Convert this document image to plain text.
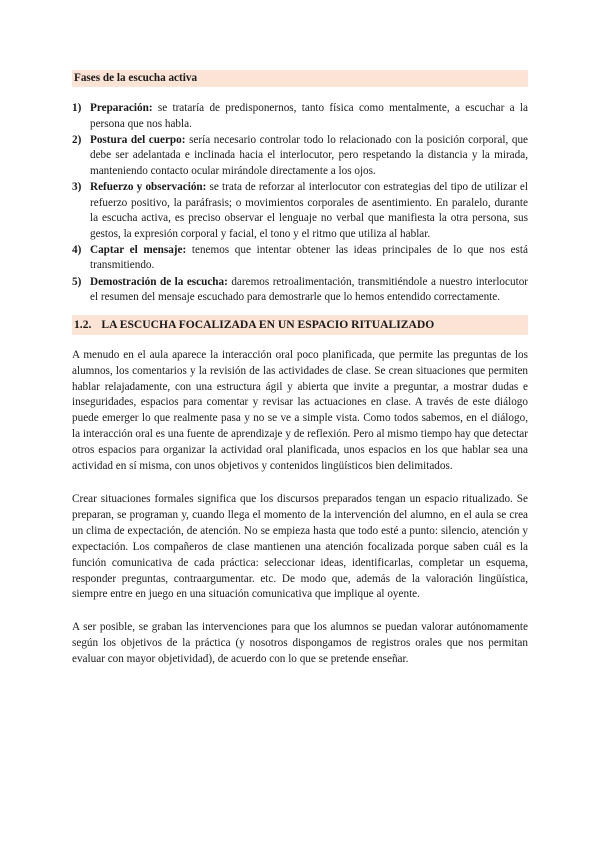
Fases de la escucha activa
1) Preparación: se trataría de predisponernos, tanto física como mentalmente, a escuchar a la persona que nos habla.
2) Postura del cuerpo: sería necesario controlar todo lo relacionado con la posición corporal, que debe ser adelantada e inclinada hacia el interlocutor, pero respetando la distancia y la mirada, manteniendo contacto ocular mirándole directamente a los ojos.
3) Refuerzo y observación: se trata de reforzar al interlocutor con estrategias del tipo de utilizar el refuerzo positivo, la paráfrasis; o movimientos corporales de asentimiento. En paralelo, durante la escucha activa, es preciso observar el lenguaje no verbal que manifiesta la otra persona, sus gestos, la expresión corporal y facial, el tono y el ritmo que utiliza al hablar.
4) Captar el mensaje: tenemos que intentar obtener las ideas principales de lo que nos está transmitiendo.
5) Demostración de la escucha: daremos retroalimentación, transmitiéndole a nuestro interlocutor el resumen del mensaje escuchado para demostrarle que lo hemos entendido correctamente.
1.2. LA ESCUCHA FOCALIZADA EN UN ESPACIO RITUALIZADO

A menudo en el aula aparece la interacción oral poco planificada, que permite las preguntas de los alumnos, los comentarios y la revisión de las actividades de clase. Se crean situaciones que permiten hablar relajadamente, con una estructura ágil y abierta que invite a preguntar, a mostrar dudas e inseguridades, espacios para comentar y revisar las actuaciones en clase. A través de este diálogo puede emerger lo que realmente pasa y no se ve a simple vista. Como todos sabemos, en el diálogo, la interacción oral es una fuente de aprendizaje y de reflexión. Pero al mismo tiempo hay que detectar otros espacios para organizar la actividad oral planificada, unos espacios en los que hablar sea una actividad en sí misma, con unos objetivos y contenidos lingüísticos bien delimitados.

Crear situaciones formales significa que los discursos preparados tengan un espacio ritualizado. Se preparan, se programan y, cuando llega el momento de la intervención del alumno, en el aula se crea un clima de expectación, de atención. No se empieza hasta que todo esté a punto: silencio, atención y expectación. Los compañeros de clase mantienen una atención focalizada porque saben cuál es la función comunicativa de cada práctica: seleccionar ideas, identificarlas, completar un esquema, responder preguntas, contraargumentar. etc. De modo que, además de la valoración lingüística, siempre entre en juego en una situación comunicativa que implique al oyente.

A ser posible, se graban las intervenciones para que los alumnos se puedan valorar autónomamente según los objetivos de la práctica (y nosotros dispongamos de registros orales que nos permitan evaluar con mayor objetividad), de acuerdo con lo que se pretende enseñar.
